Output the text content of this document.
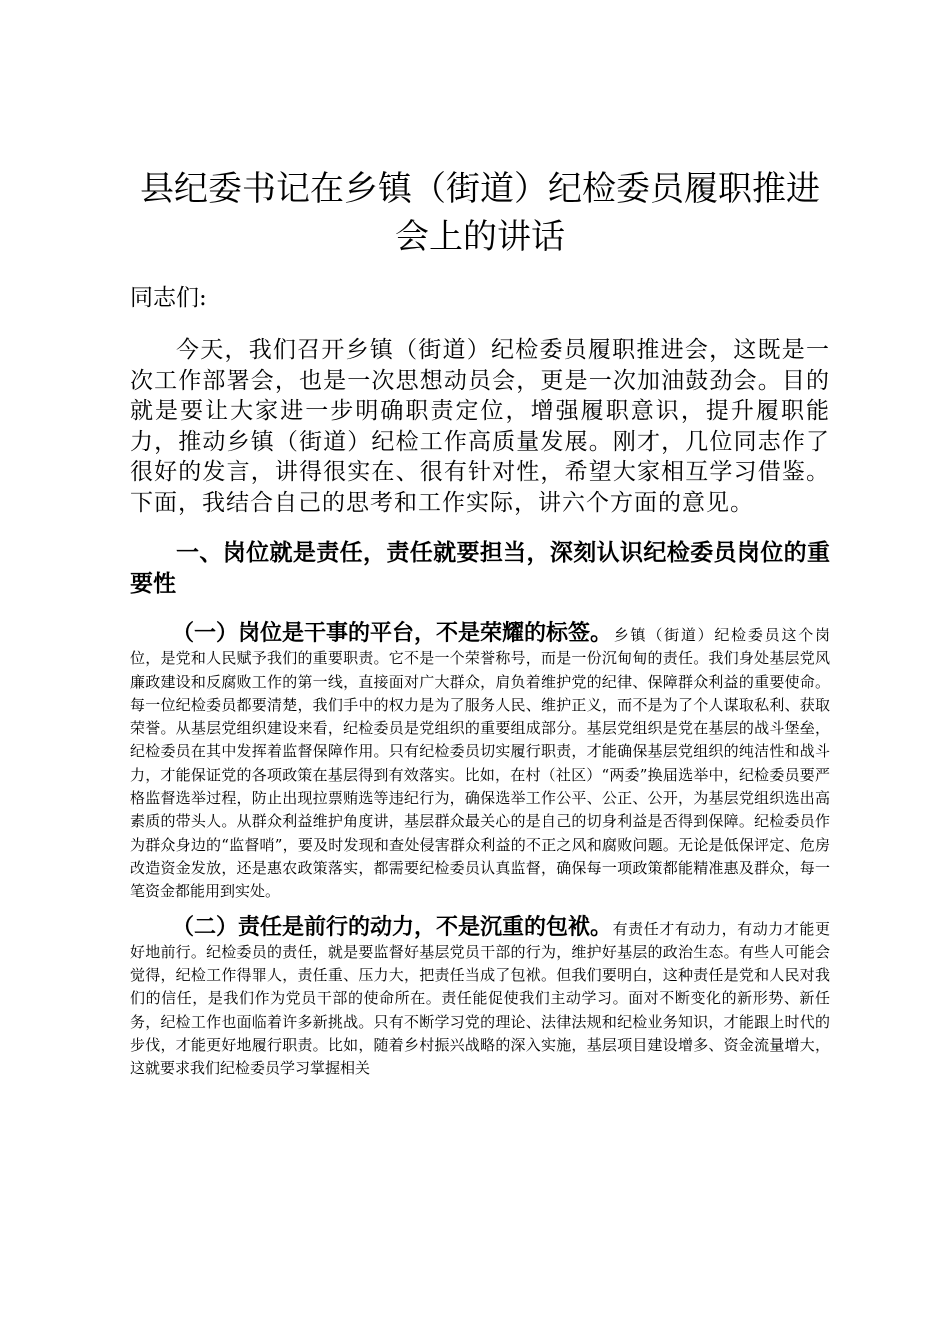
县纪委书记在乡镇（街道）纪检委员履职推进会上的讲话

同志们:

今天，我们召开乡镇（街道）纪检委员履职推进会，这既是一次工作部署会，也是一次思想动员会，更是一次加油鼓劲会。目的就是要让大家进一步明确职责定位，增强履职意识，提升履职能力，推动乡镇（街道）纪检工作高质量发展。刚才，几位同志作了很好的发言，讲得很实在、很有针对性，希望大家相互学习借鉴。下面，我结合自己的思考和工作实际，讲六个方面的意见。

一、岗位就是责任，责任就要担当，深刻认识纪检委员岗位的重要性

（一）岗位是干事的平台，不是荣耀的标签。乡镇（街道）纪检委员这个岗位，是党和人民赋予我们的重要职责。它不是一个荣誉称号，而是一份沉甸甸的责任。我们身处基层党风廉政建设和反腐败工作的第一线，直接面对广大群众，肩负着维护党的纪律、保障群众利益的重要使命。每一位纪检委员都要清楚，我们手中的权力是为了服务人民、维护正义，而不是为了个人谋取私利、获取荣誉。从基层党组织建设来看，纪检委员是党组织的重要组成部分。基层党组织是党在基层的战斗堡垒，纪检委员在其中发挥着监督保障作用。只有纪检委员切实履行职责，才能确保基层党组织的纯洁性和战斗力，才能保证党的各项政策在基层得到有效落实。比如，在村（社区）“两委”换届选举中，纪检委员要严格监督选举过程，防止出现拉票贿选等违纪行为，确保选举工作公平、公正、公开，为基层党组织选出高素质的带头人。从群众利益维护角度讲，基层群众最关心的是自己的切身利益是否得到保障。纪检委员作为群众身边的“监督哨”，要及时发现和查处侵害群众利益的不正之风和腐败问题。无论是低保评定、危房改造资金发放，还是惠农政策落实，都需要纪检委员认真监督，确保每一项政策都能精准惠及群众，每一笔资金都能用到实处。

（二）责任是前行的动力，不是沉重的包袱。有责任才有动力，有动力才能更好地前行。纪检委员的责任，就是要监督好基层党员干部的行为，维护好基层的政治生态。有些人可能会觉得，纪检工作得罪人，责任重、压力大，把责任当成了包袱。但我们要明白，这种责任是党和人民对我们的信任，是我们作为党员干部的使命所在。责任能促使我们主动学习。面对不断变化的新形势、新任务，纪检工作也面临着许多新挑战。只有不断学习党的理论、法律法规和纪检业务知识，才能跟上时代的步伐，才能更好地履行职责。比如，随着乡村振兴战略的深入实施，基层项目建设增多、资金流量增大，这就要求我们纪检委员学习掌握相关
